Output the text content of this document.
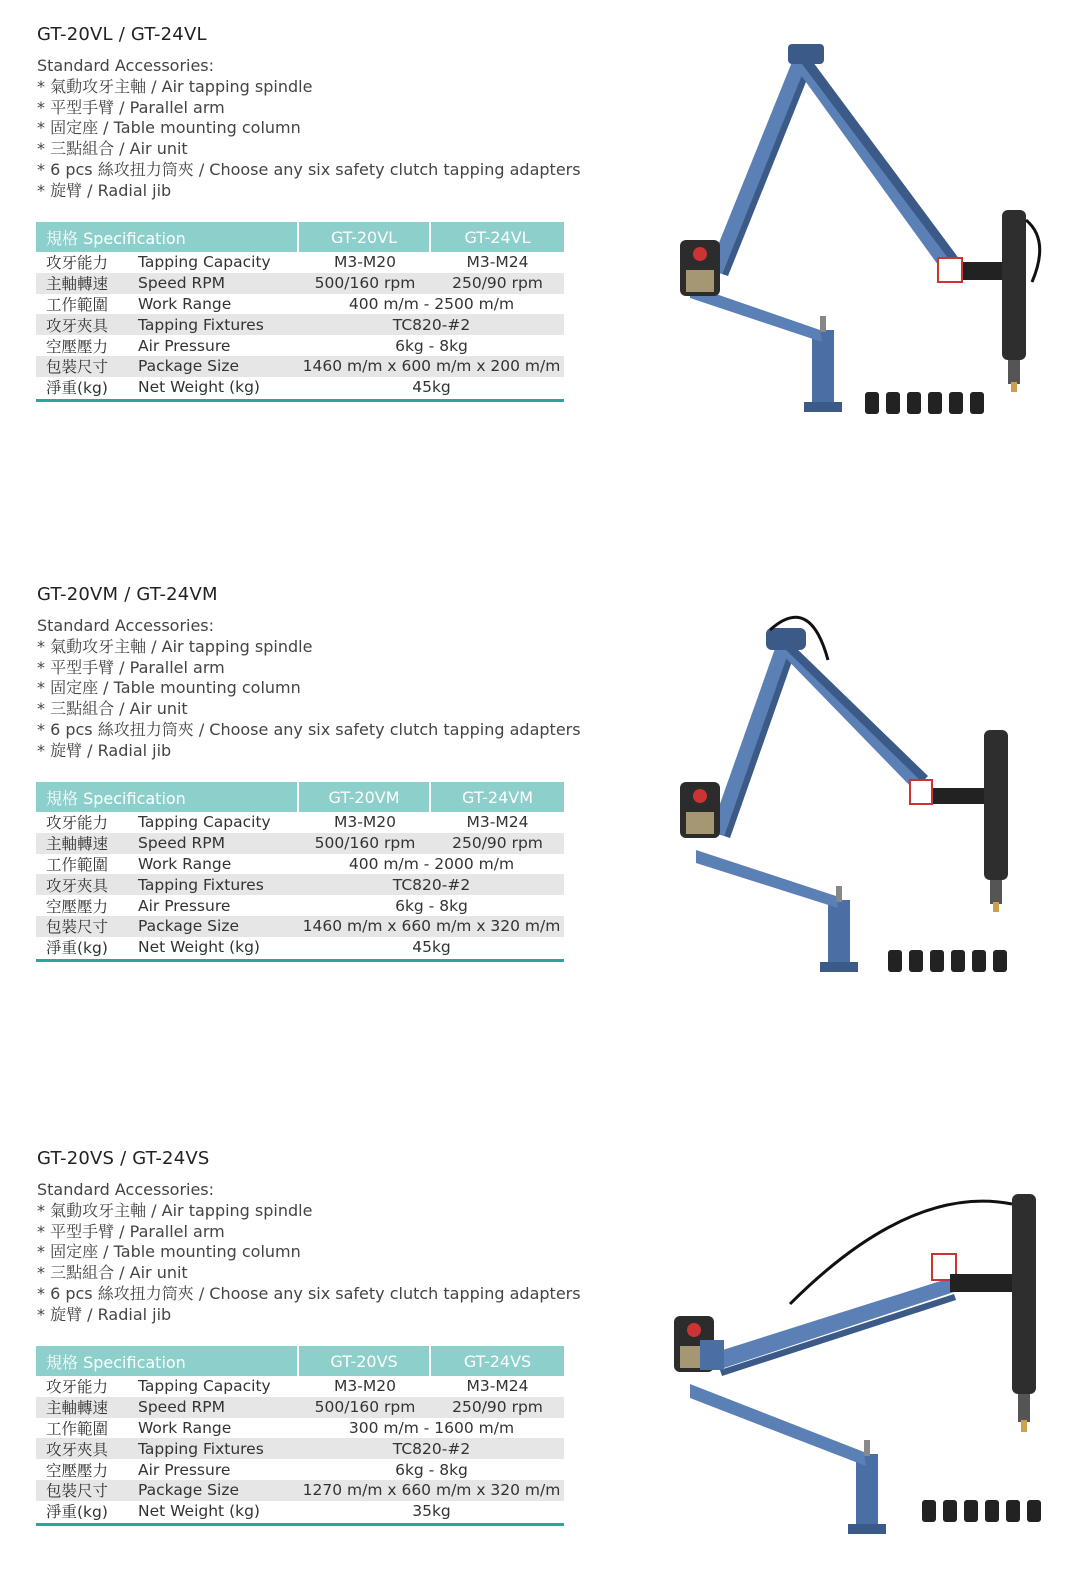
GT-20VL / GT-24VL
Standard Accessories:
* 氣動攻牙主軸 / Air tapping spindle
* 平型手臂 / Parallel arm
* 固定座 / Table mounting column
* 三點組合 / Air unit
* 6 pcs 絲攻扭力筒夾 / Choose any six safety clutch tapping adapters
* 旋臂 / Radial jib
規格 Specification	GT-20VL	GT-24VL
攻牙能力	Tapping Capacity	M3-M20	M3-M24
主軸轉速	Speed RPM	500/160 rpm	250/90 rpm
工作範圍	Work Range	400 m/m - 2500 m/m
攻牙夾具	Tapping Fixtures	TC820-#2
空壓壓力	Air Pressure	6kg - 8kg
包裝尺寸	Package Size	1460 m/m x 600 m/m x 200 m/m
淨重(kg)	Net Weight (kg)	45kg
GT-20VM / GT-24VM
Standard Accessories:
* 氣動攻牙主軸 / Air tapping spindle
* 平型手臂 / Parallel arm
* 固定座 / Table mounting column
* 三點組合 / Air unit
* 6 pcs 絲攻扭力筒夾 / Choose any six safety clutch tapping adapters
* 旋臂 / Radial jib
規格 Specification	GT-20VM	GT-24VM
攻牙能力	Tapping Capacity	M3-M20	M3-M24
主軸轉速	Speed RPM	500/160 rpm	250/90 rpm
工作範圍	Work Range	400 m/m - 2000 m/m
攻牙夾具	Tapping Fixtures	TC820-#2
空壓壓力	Air Pressure	6kg - 8kg
包裝尺寸	Package Size	1460 m/m x 660 m/m x 320 m/m
淨重(kg)	Net Weight (kg)	45kg
GT-20VS / GT-24VS
Standard Accessories:
* 氣動攻牙主軸 / Air tapping spindle
* 平型手臂 / Parallel arm
* 固定座 / Table mounting column
* 三點組合 / Air unit
* 6 pcs 絲攻扭力筒夾 / Choose any six safety clutch tapping adapters
* 旋臂 / Radial jib
規格 Specification	GT-20VS	GT-24VS
攻牙能力	Tapping Capacity	M3-M20	M3-M24
主軸轉速	Speed RPM	500/160 rpm	250/90 rpm
工作範圍	Work Range	300 m/m - 1600 m/m
攻牙夾具	Tapping Fixtures	TC820-#2
空壓壓力	Air Pressure	6kg - 8kg
包裝尺寸	Package Size	1270 m/m x 660 m/m x 320 m/m
淨重(kg)	Net Weight (kg)	35kg
